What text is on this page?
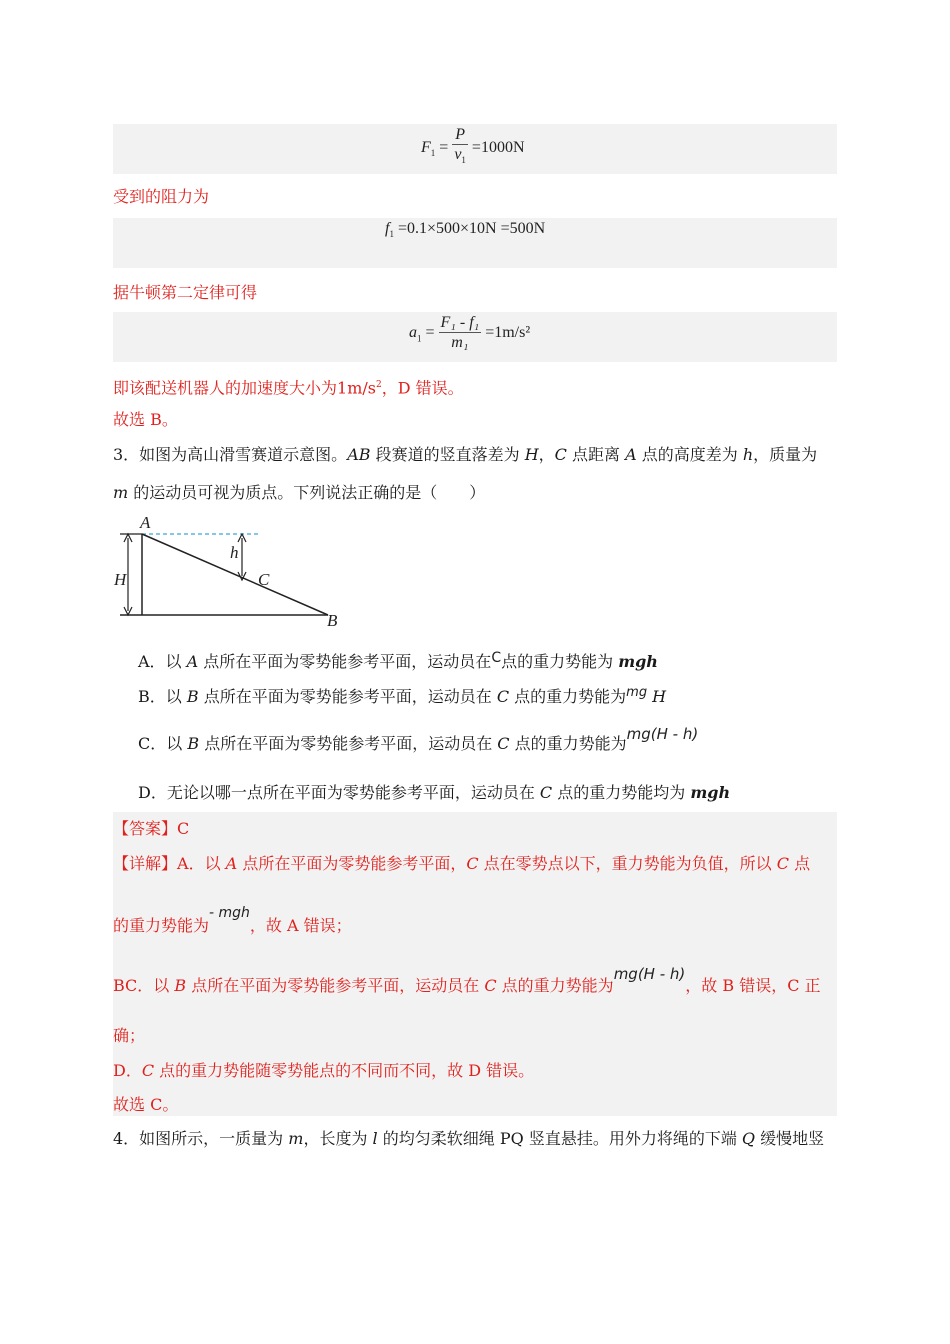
$F_1 = \frac{P}{v_1} =1000N$
受到的阻力为
$f_1 =0.1\times 500\times 10N =500N$
据牛顿第二定律可得
$a_1 = \frac{\text{F₁ - f₁}}{\text{m₁}} =1m/s^2$
即该配送机器人的加速度大小为$1m/s^2$，D 错误。
故选 B。
3．如图为高山滑雪赛道示意图。AB 段赛道的竖直落差为 H，C 点距离 A 点的高度差为 h，质量为
m 的运动员可视为质点。下列说法正确的是（　　）
A
H
h
C
B
A．以 A 点所在平面为零势能参考平面，运动员在C点的重力势能为 mgh
B．以 B 点所在平面为零势能参考平面，运动员在 C 点的重力势能为$^{mg}$ H
C．以 B 点所在平面为零势能参考平面，运动员在 C 点的重力势能为mg(H - h)
D．无论以哪一点所在平面为零势能参考平面，运动员在 C 点的重力势能均为 mgh
【答案】C
【详解】A．以 A 点所在平面为零势能参考平面，C 点在零势点以下，重力势能为负值，所以 C 点
的重力势能为- mgh，故 A 错误；
BC．以 B 点所在平面为零势能参考平面，运动员在 C 点的重力势能为mg(H - h)，故 B 错误，C 正
确；
D．C 点的重力势能随零势能点的不同而不同，故 D 错误。
故选 C。
4．如图所示，一质量为 m，长度为 l 的均匀柔软细绳 PQ 竖直悬挂。用外力将绳的下端 Q 缓慢地竖
